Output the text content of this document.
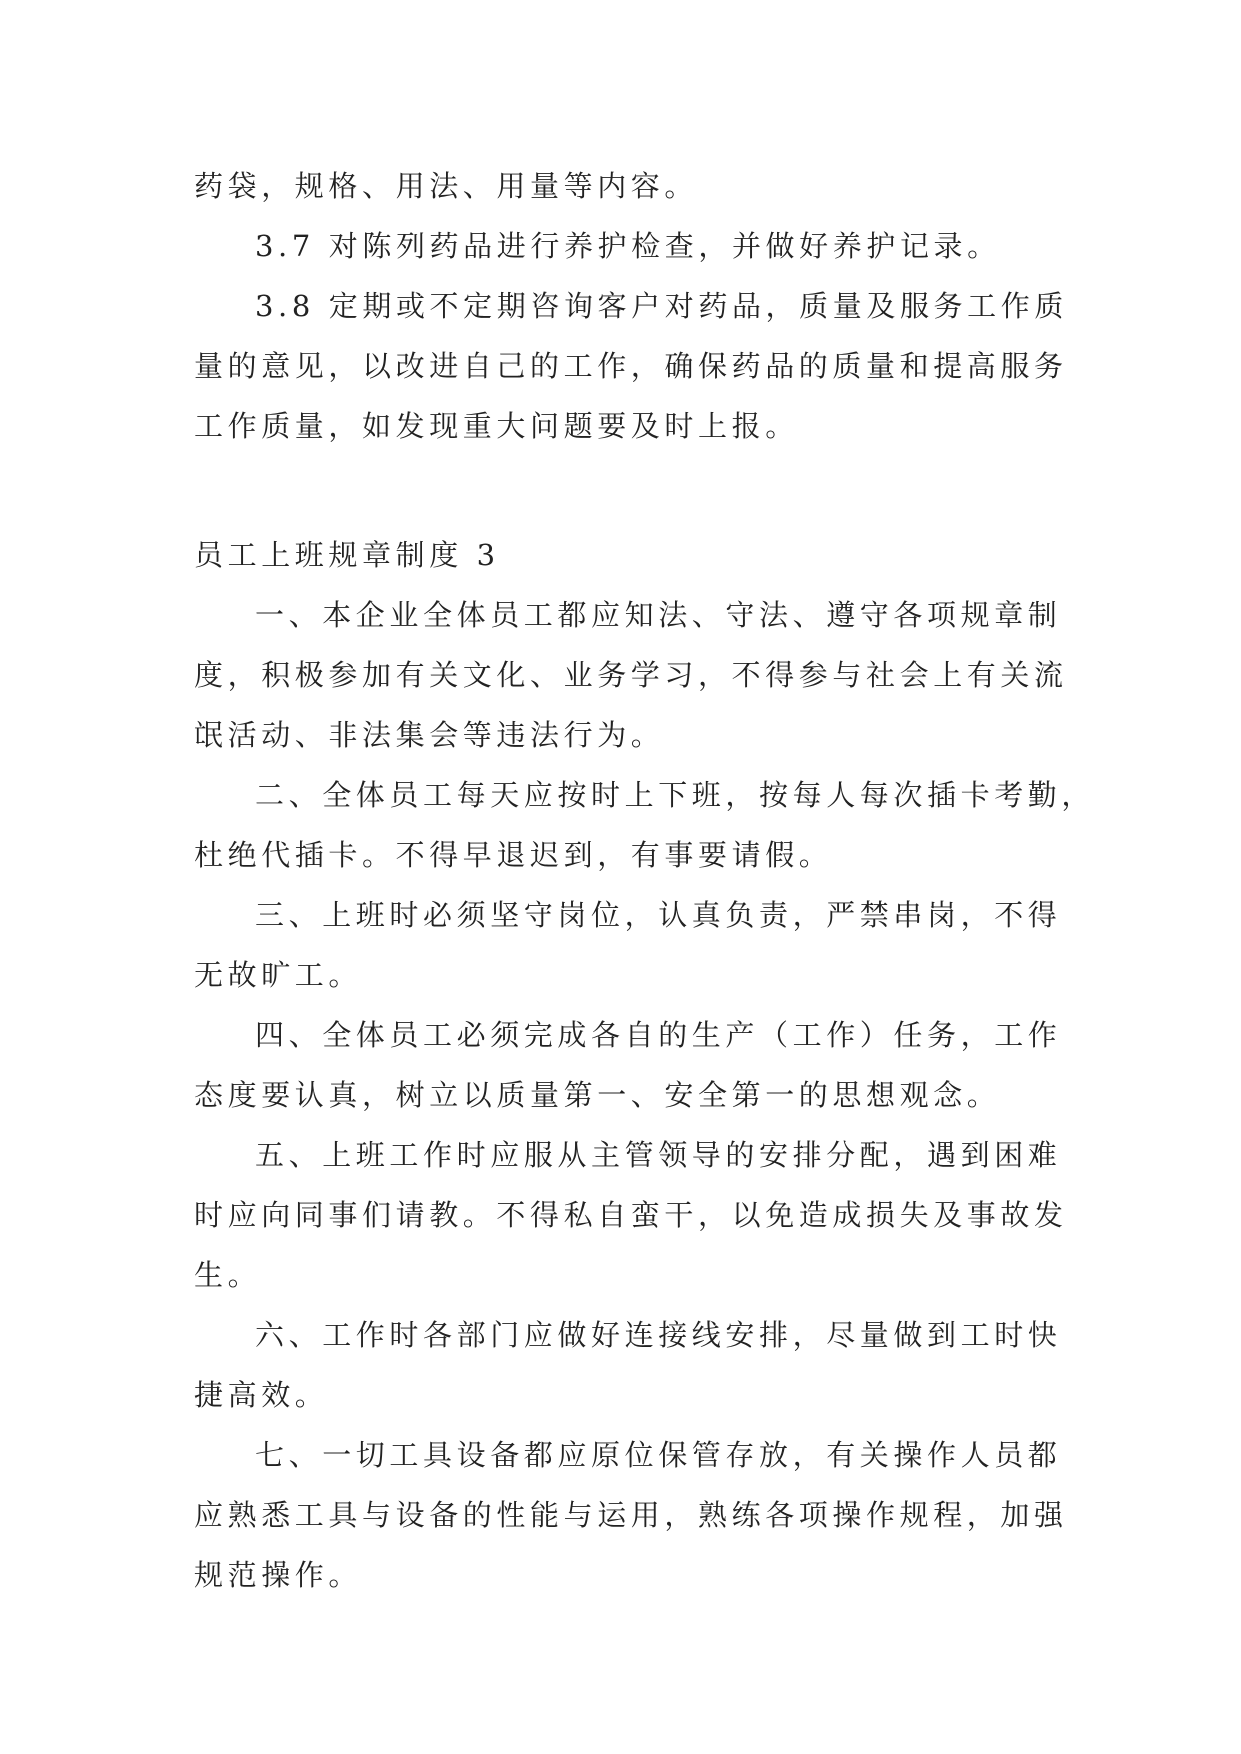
药袋，规格、用法、用量等内容。
3.7 对陈列药品进行养护检查，并做好养护记录。
3.8 定期或不定期咨询客户对药品，质量及服务工作质
量的意见，以改进自己的工作，确保药品的质量和提高服务
工作质量，如发现重大问题要及时上报。
员工上班规章制度 3
一、本企业全体员工都应知法、守法、遵守各项规章制
度，积极参加有关文化、业务学习，不得参与社会上有关流
氓活动、非法集会等违法行为。
二、全体员工每天应按时上下班，按每人每次插卡考勤，
杜绝代插卡。不得早退迟到，有事要请假。
三、上班时必须坚守岗位，认真负责，严禁串岗，不得
无故旷工。
四、全体员工必须完成各自的生产（工作）任务，工作
态度要认真，树立以质量第一、安全第一的思想观念。
五、上班工作时应服从主管领导的安排分配，遇到困难
时应向同事们请教。不得私自蛮干，以免造成损失及事故发
生。
六、工作时各部门应做好连接线安排，尽量做到工时快
捷高效。
七、一切工具设备都应原位保管存放，有关操作人员都
应熟悉工具与设备的性能与运用，熟练各项操作规程，加强
规范操作。
